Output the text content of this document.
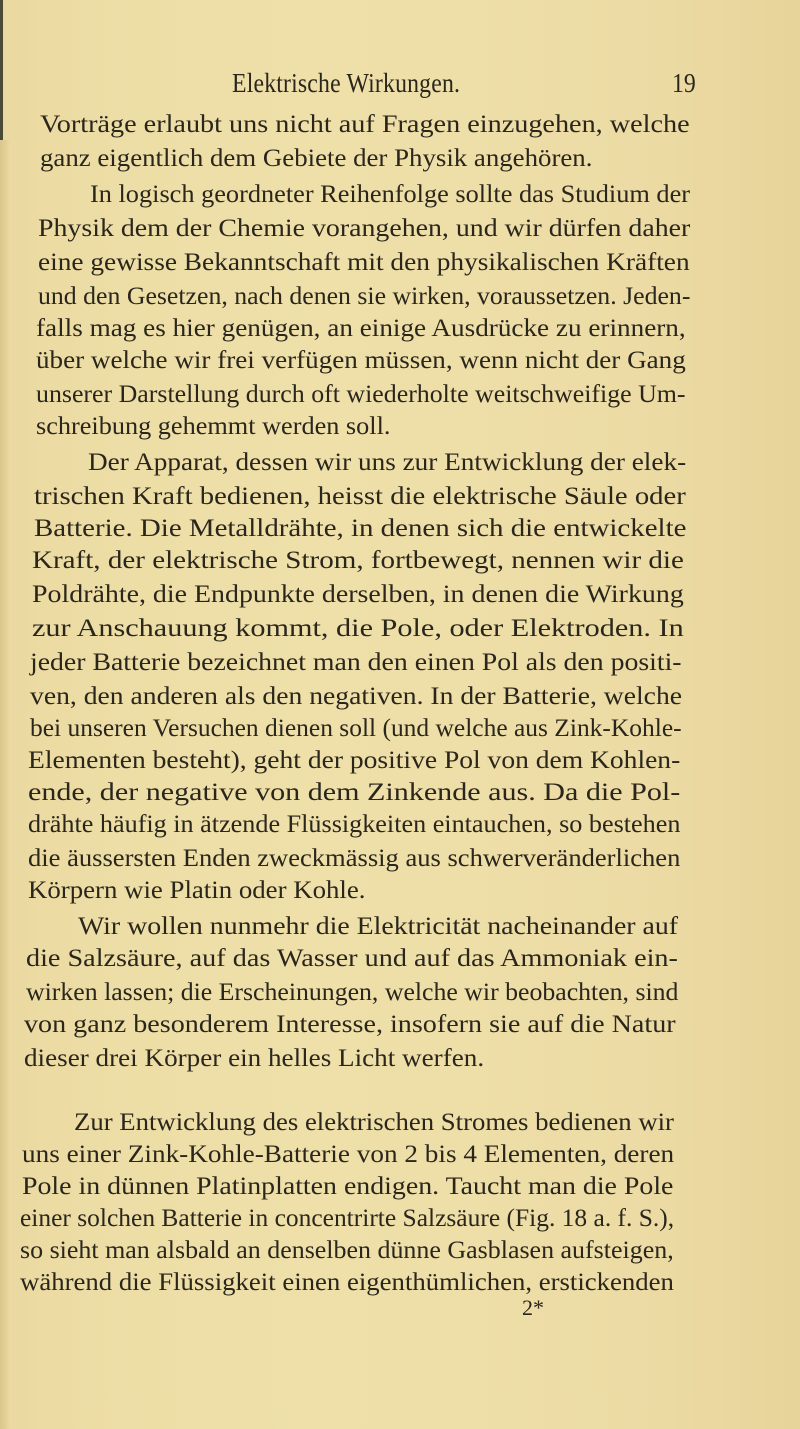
Elektrische Wirkungen.	19
Vorträge erlaubt uns nicht auf Fragen einzugehen, welche
ganz eigentlich dem Gebiete der Physik angehören.
In logisch geordneter Reihenfolge sollte das Studium der
Physik dem der Chemie vorangehen, und wir dürfen daher
eine gewisse Bekanntschaft mit den physikalischen Kräften
und den Gesetzen, nach denen sie wirken, voraussetzen. Jeden-
falls mag es hier genügen, an einige Ausdrücke zu erinnern,
über welche wir frei verfügen müssen, wenn nicht der Gang
unserer Darstellung durch oft wiederholte weitschweifige Um-
schreibung gehemmt werden soll.
Der Apparat, dessen wir uns zur Entwicklung der elek-
trischen Kraft bedienen, heisst die elektrische Säule oder
Batterie. Die Metalldrähte, in denen sich die entwickelte
Kraft, der elektrische Strom, fortbewegt, nennen wir die
Poldrähte, die Endpunkte derselben, in denen die Wirkung
zur Anschauung kommt, die Pole, oder Elektroden. In
jeder Batterie bezeichnet man den einen Pol als den positi-
ven, den anderen als den negativen. In der Batterie, welche
bei unseren Versuchen dienen soll (und welche aus Zink-Kohle-
Elementen besteht), geht der positive Pol von dem Kohlen-
ende, der negative von dem Zinkende aus. Da die Pol-
drähte häufig in ätzende Flüssigkeiten eintauchen, so bestehen
die äussersten Enden zweckmässig aus schwerveränderlichen
Körpern wie Platin oder Kohle.
Wir wollen nunmehr die Elektricität nacheinander auf
die Salzsäure, auf das Wasser und auf das Ammoniak ein-
wirken lassen; die Erscheinungen, welche wir beobachten, sind
von ganz besonderem Interesse, insofern sie auf die Natur
dieser drei Körper ein helles Licht werfen.
Zur Entwicklung des elektrischen Stromes bedienen wir
uns einer Zink-Kohle-Batterie von 2 bis 4 Elementen, deren
Pole in dünnen Platinplatten endigen. Taucht man die Pole
einer solchen Batterie in concentrirte Salzsäure (Fig. 18 a. f. S.),
so sieht man alsbald an denselben dünne Gasblasen aufsteigen,
während die Flüssigkeit einen eigenthümlichen, erstickenden
2*
